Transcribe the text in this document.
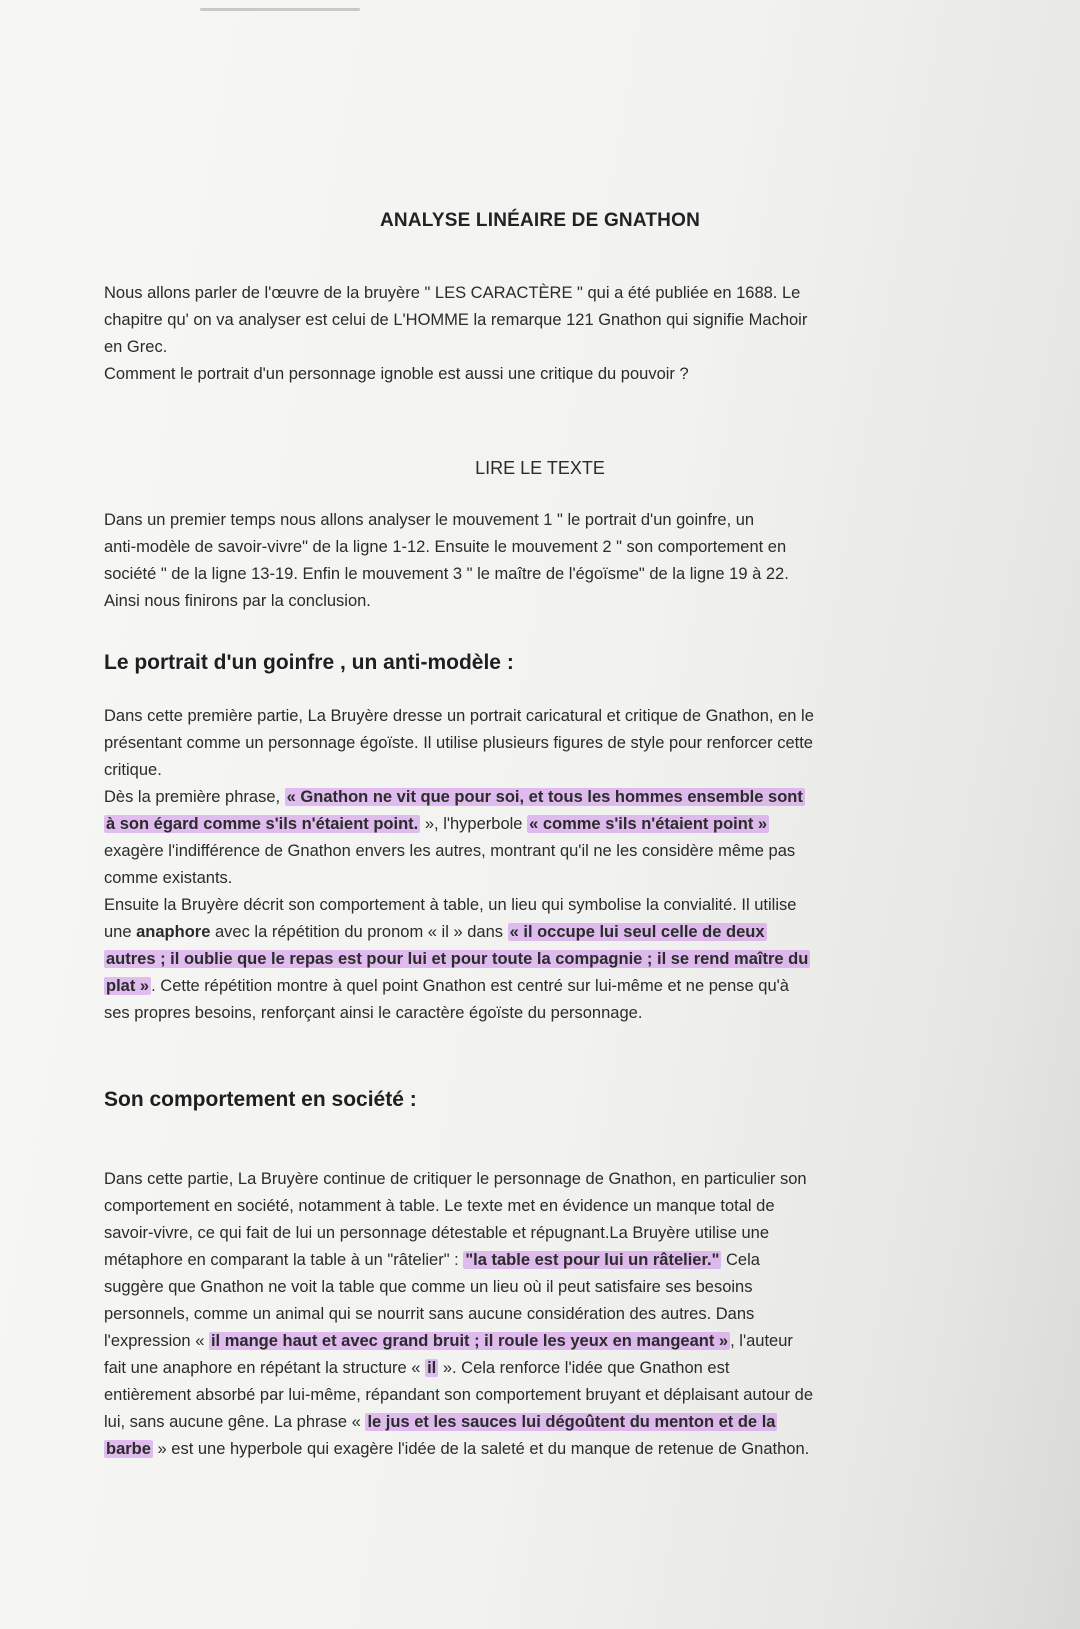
ANALYSE LINÉAIRE DE GNATHON
Nous allons parler de l'œuvre de la bruyère " LES CARACTÈRE " qui a été publiée en 1688. Le
chapitre qu' on va analyser est celui de L'HOMME la remarque 121 Gnathon qui signifie Machoir
en Grec.
Comment le portrait d'un personnage ignoble est aussi une critique du pouvoir ?
LIRE LE TEXTE
Dans un premier temps nous allons analyser le mouvement 1 " le portrait d'un goinfre, un
anti-modèle de savoir-vivre" de la ligne 1-12. Ensuite le mouvement 2 " son comportement en
société " de la ligne 13-19. Enfin le mouvement 3 " le maître de l'égoïsme" de la ligne 19 à 22.
Ainsi nous finirons par la conclusion.
Le portrait d'un goinfre , un anti-modèle :
Dans cette première partie, La Bruyère dresse un portrait caricatural et critique de Gnathon, en le
présentant comme un personnage égoïste. Il utilise plusieurs figures de style pour renforcer cette
critique.
Dès la première phrase, « Gnathon ne vit que pour soi, et tous les hommes ensemble sont
à son égard comme s'ils n'étaient point. », l'hyperbole « comme s'ils n'étaient point »
exagère l'indifférence de Gnathon envers les autres, montrant qu'il ne les considère même pas
comme existants.
Ensuite la Bruyère décrit son comportement à table, un lieu qui symbolise la convialité. Il utilise
une anaphore avec la répétition du pronom « il » dans « il occupe lui seul celle de deux
autres ; il oublie que le repas est pour lui et pour toute la compagnie ; il se rend maître du
plat » . Cette répétition montre à quel point Gnathon est centré sur lui-même et ne pense qu'à
ses propres besoins, renforçant ainsi le caractère égoïste du personnage.
Son comportement en société :
Dans cette partie, La Bruyère continue de critiquer le personnage de Gnathon, en particulier son
comportement en société, notamment à table. Le texte met en évidence un manque total de
savoir-vivre, ce qui fait de lui un personnage détestable et répugnant.La Bruyère utilise une
métaphore en comparant la table à un "râtelier" : "la table est pour lui un râtelier." Cela
suggère que Gnathon ne voit la table que comme un lieu où il peut satisfaire ses besoins
personnels, comme un animal qui se nourrit sans aucune considération des autres. Dans
l'expression « il mange haut et avec grand bruit ; il roule les yeux en mangeant » , l'auteur
fait une anaphore en répétant la structure « il ». Cela renforce l'idée que Gnathon est
entièrement absorbé par lui-même, répandant son comportement bruyant et déplaisant autour de
lui, sans aucune gêne. La phrase « le jus et les sauces lui dégoûtent du menton et de la
barbe » est une hyperbole qui exagère l'idée de la saleté et du manque de retenue de Gnathon.
